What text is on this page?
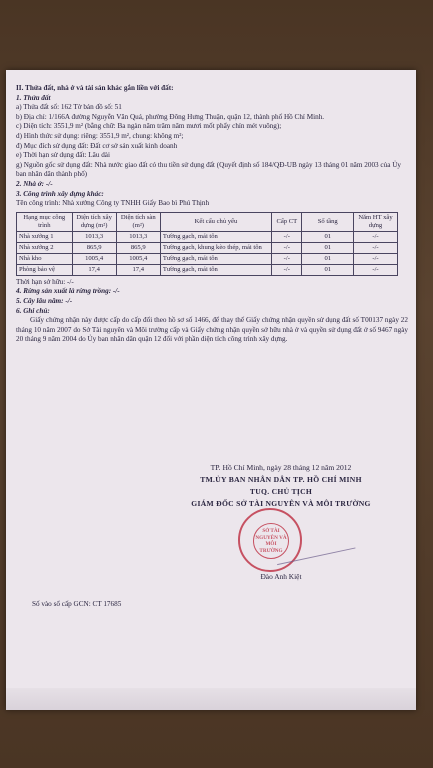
II. Thửa đất, nhà ở và tài sản khác gắn liền với đất:

1. Thửa đất

a) Thửa đất số: 162 Tờ bản đồ số: 51

b) Địa chỉ: 1/166A đường Nguyễn Văn Quá, phường Đông Hưng Thuận, quận 12, thành phố Hồ Chí Minh.

c) Diện tích: 3551,9 m² (bằng chữ: Ba ngàn năm trăm năm mươi mốt phẩy chín mét vuông);

d) Hình thức sử dụng: riêng: 3551,9 m², chung: không m²;

đ) Mục đích sử dụng đất: Đất cơ sở sản xuất kinh doanh

e) Thời hạn sử dụng đất: Lâu dài

g) Nguồn gốc sử dụng đất: Nhà nước giao đất có thu tiền sử dụng đất (Quyết định số 184/QĐ-UB ngày 13 tháng 01 năm 2003 của Ủy ban nhân dân thành phố)

2. Nhà ở: -/-

3. Công trình xây dựng khác:

Tên công trình: Nhà xưởng Công ty TNHH Giấy Bao bì Phú Thịnh

Hạng mục công trình	Diện tích xây dựng (m²)	Diện tích sàn (m²)	Kết cấu chủ yếu	Cấp CT	Số tầng	Năm HT xây dựng
Nhà xưởng 1	1013,3	1013,3	Tường gạch, mái tôn	-/-	01	-/-
Nhà xưởng 2	865,9	865,9	Tường gạch, khung kèo thép, mái tôn	-/-	01	-/-
Nhà kho	1005,4	1005,4	Tường gạch, mái tôn	-/-	01	-/-
Phòng bảo vệ	17,4	17,4	Tường gạch, mái tôn	-/-	01	-/-

Thời hạn sở hữu: -/-

4. Rừng sản xuất là rừng trồng: -/-

5. Cây lâu năm: -/-

6. Ghi chú:

Giấy chứng nhận này được cấp do cấp đổi theo hồ sơ số 1466, để thay thế Giấy chứng nhận quyền sử dụng đất số T00137 ngày 22 tháng 10 năm 2007 do Sở Tài nguyên và Môi trường cấp và Giấy chứng nhận quyền sở hữu nhà ở và quyền sử dụng đất ở số 9467 ngày 20 tháng 9 năm 2004 do Ủy ban nhân dân quận 12 đổi với phần diện tích công trình xây dựng.

TP. Hồ Chí Minh, ngày 28 tháng 12 năm 2012
TM.ỦY BAN NHÂN DÂN TP. HỒ CHÍ MINH
TUQ. CHỦ TỊCH
GIÁM ĐỐC SỞ TÀI NGUYÊN VÀ MÔI TRƯỜNG
SỞ TÀI NGUYÊN VÀ MÔI TRƯỜNG
Đào Anh Kiệt
Số vào sổ cấp GCN: CT 17685
